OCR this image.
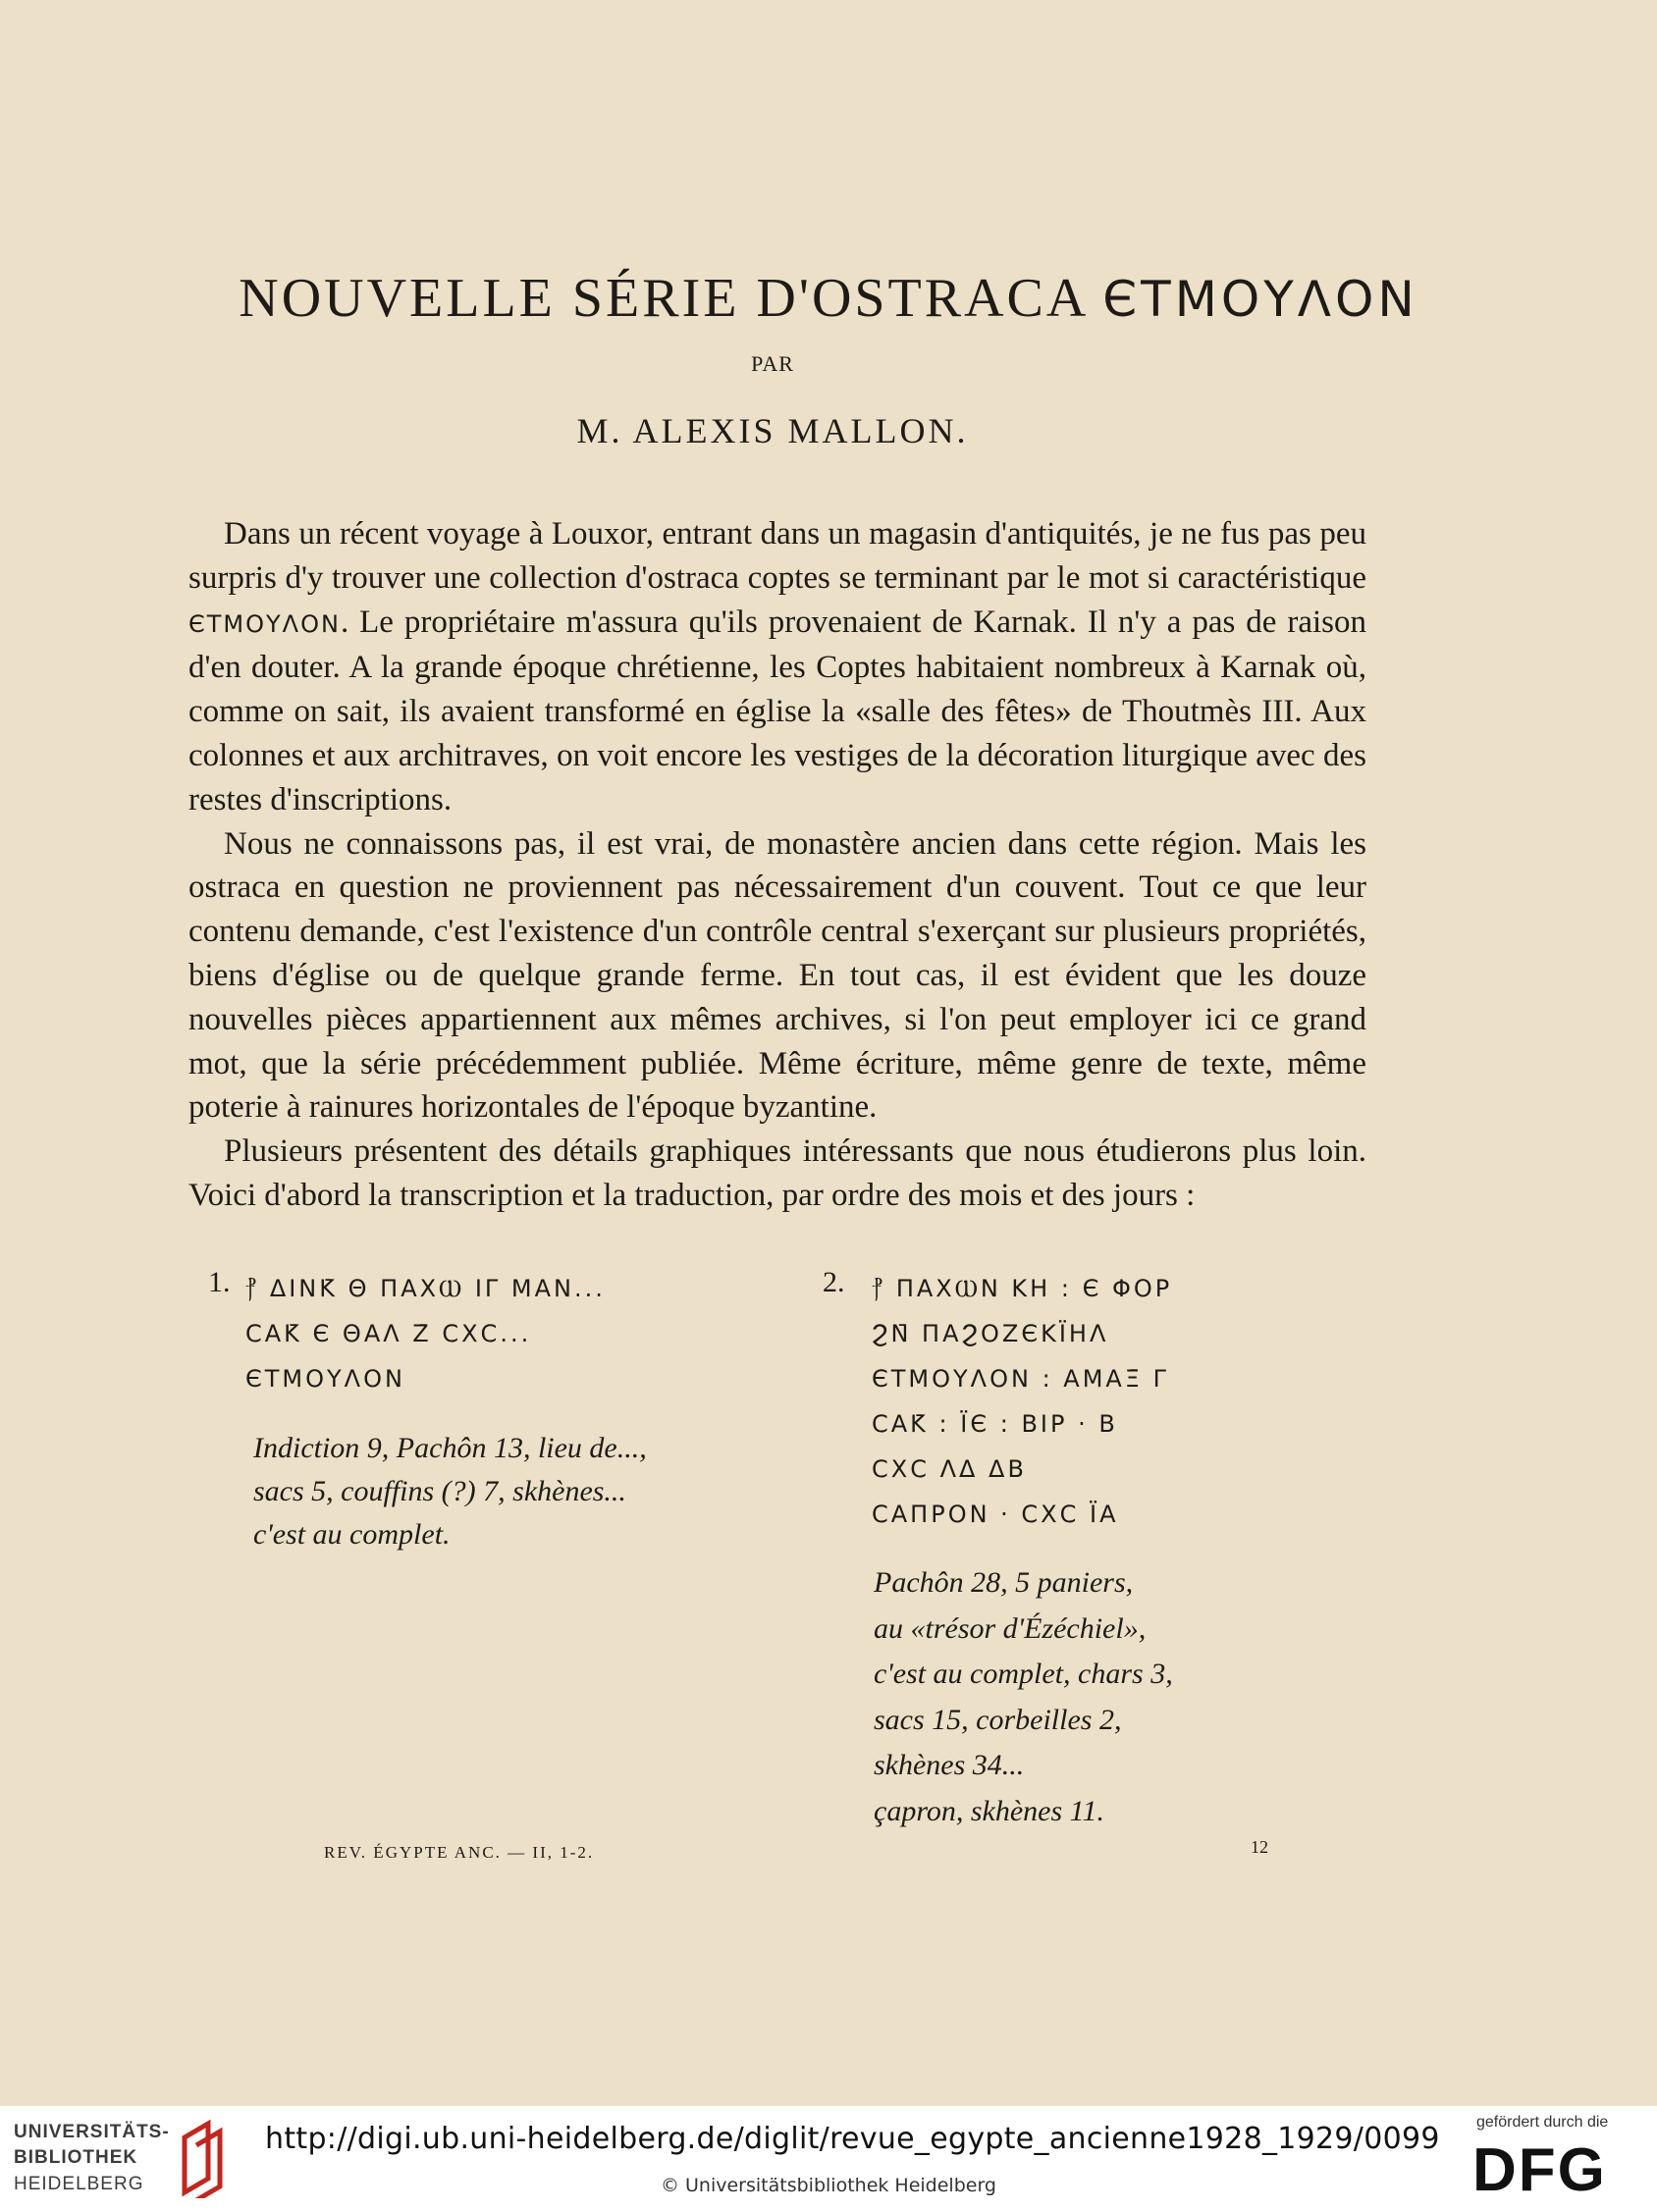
NOUVELLE SÉRIE D'OSTRACA ЄΤΜΟΥΛΟΝ
PAR
M. ALEXIS MALLON.

Dans un récent voyage à Louxor, entrant dans un magasin d'antiquités, je ne fus pas peu surpris d'y trouver une collection d'ostraca coptes se terminant par le mot si caractéristique ЄΤΜΟΥΛΟΝ. Le propriétaire m'assura qu'ils provenaient de Karnak. Il n'y a pas de raison d'en douter. A la grande époque chrétienne, les Coptes habitaient nombreux à Karnak où, comme on sait, ils avaient transformé en église la «salle des fêtes» de Thoutmès III. Aux colonnes et aux architraves, on voit encore les vestiges de la décoration liturgique avec des restes d'inscriptions.

Nous ne connaissons pas, il est vrai, de monastère ancien dans cette région. Mais les ostraca en question ne proviennent pas nécessairement d'un couvent. Tout ce que leur contenu demande, c'est l'existence d'un contrôle central s'exerçant sur plusieurs propriétés, biens d'église ou de quelque grande ferme. En tout cas, il est évident que les douze nouvelles pièces appartiennent aux mêmes archives, si l'on peut employer ici ce grand mot, que la série précédemment publiée. Même écriture, même genre de texte, même poterie à rainures horizontales de l'époque byzantine.

Plusieurs présentent des détails graphiques intéressants que nous étudierons plus loin. Voici d'abord la transcription et la traduction, par ordre des mois et des jours :

1. ⳨ ΔΙΝΚ̄ Θ ΠΑΧⲰ ΙΓ ΜΑΝ...
ϹΑΚ̄ Є ΘΑΛ Ζ̄ ϹΧϹ...
ЄΤΜΟΥΛΟΝ
Indiction 9, Pachôn 13, lieu de...,
sacs 5, couffins (?) 7, skhènes...
c'est au complet.
2. ⳨ ΠΑΧⲰΝ ΚΗ : Є ΦΟΡ
ϨΝ̄ ΠΑϨΟΖЄΚΪΗΛ
ЄΤΜΟΥΛΟΝ : ΑΜΑΞ̄ Γ
ϹΑΚ̄ : ΪЄ : ΒΙΡ · Β
ϹΧϹ ΛΔ ΔΒ
ϹΑΠΡΟΝ · ϹΧϹ ΪΑ
Pachôn 28, 5 paniers,
au «trésor d'Ézéchiel»,
c'est au complet, chars 3,
sacs 15, corbeilles 2,
skhènes 34...
çapron, skhènes 11.
REV. ÉGYPTE ANC. — II, 1-2.	12
UNIVERSITÄTS-
BIBLIOTHEK
HEIDELBERG
http://digi.ub.uni-heidelberg.de/diglit/revue_egypte_ancienne1928_1929/0099
© Universitätsbibliothek Heidelberg
gefördert durch die
DFG
